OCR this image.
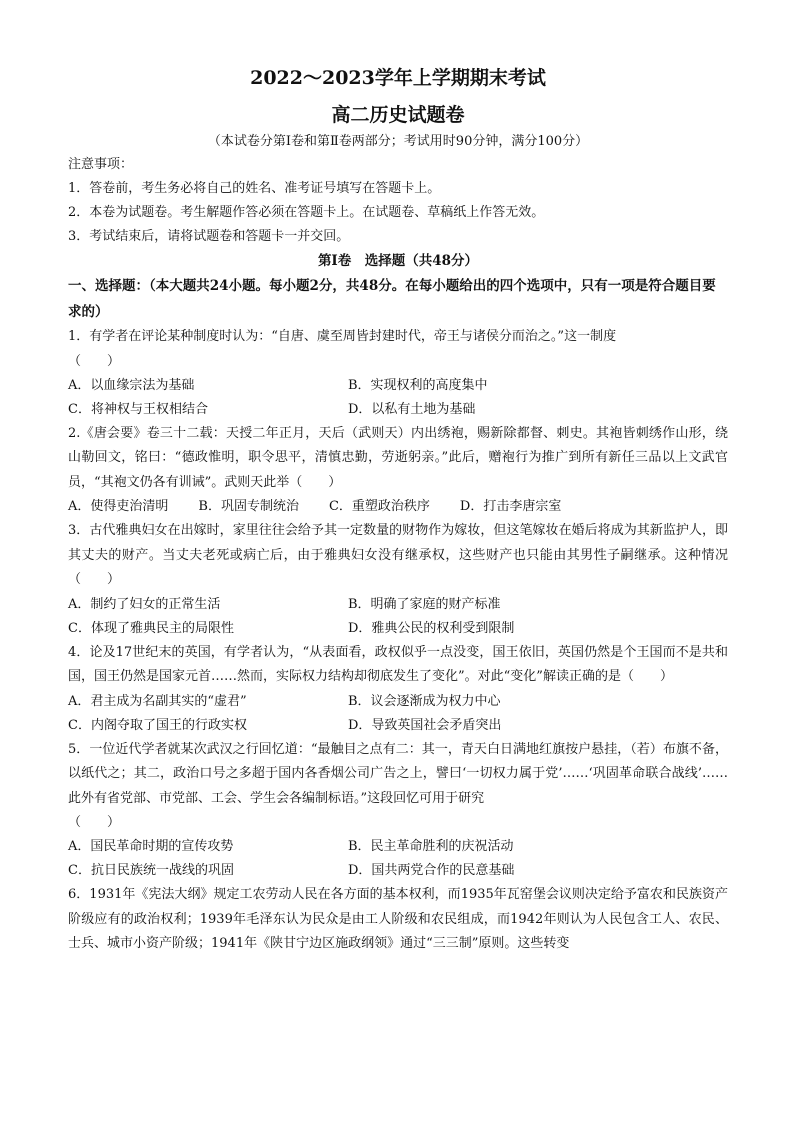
2022～2023学年上学期期末考试
高二历史试题卷
（本试卷分第Ⅰ卷和第Ⅱ卷两部分；考试用时90分钟，满分100分）
注意事项：
1．答卷前，考生务必将自己的姓名、准考证号填写在答题卡上。
2．本卷为试题卷。考生解题作答必须在答题卡上。在试题卷、草稿纸上作答无效。
3．考试结束后，请将试题卷和答题卡一并交回。
第Ⅰ卷　选择题（共48分）
一、选择题：（本大题共24小题。每小题2分，共48分。在每小题给出的四个选项中，只有一项是符合题目要求的）
1．有学者在评论某种制度时认为：“自唐、虞至周皆封建时代，帝王与诸侯分而治之。”这一制度
（　　）
A．以血缘宗法为基础	B．实现权利的高度集中
C．将神权与王权相结合	D．以私有土地为基础
2.《唐会要》卷三十二载：天授二年正月，天后（武则天）内出绣袍，赐新除都督、刺史。其袍皆刺绣作山形，绕山勒回文，铭曰：“德政惟明，职令思平，清慎忠勤，劳逝躬亲。”此后，赠袍行为推广到所有新任三品以上文武官员，“其袍文仍各有训诫”。武则天此举（　　）
A．使得吏治清明 B．巩固专制统治 C．重塑政治秩序 D．打击李唐宗室
3．古代雅典妇女在出嫁时，家里往往会给予其一定数量的财物作为嫁妆，但这笔嫁妆在婚后将成为其新监护人，即其丈夫的财产。当丈夫老死或病亡后，由于雅典妇女没有继承权，这些财产也只能由其男性子嗣继承。这种情况（　　）
A．制约了妇女的正常生活	B．明确了家庭的财产标准
C．体现了雅典民主的局限性	D．雅典公民的权利受到限制
4．论及17世纪末的英国，有学者认为，“从表面看，政权似乎一点没变，国王依旧，英国仍然是个王国而不是共和国，国王仍然是国家元首……然而，实际权力结构却彻底发生了变化”。对此“变化”解读正确的是（　　）
A．君主成为名副其实的“虚君”	B．议会逐渐成为权力中心
C．内阁夺取了国王的行政实权	D．导致英国社会矛盾突出
5．一位近代学者就某次武汉之行回忆道：“最触目之点有二：其一，青天白日满地红旗按户悬挂，（若）布旗不备，以纸代之；其二，政治口号之多超于国内各香烟公司广告之上，譬曰‘一切权力属于党’……‘巩固革命联合战线’……此外有省党部、市党部、工会、学生会各编制标语。”这段回忆可用于研究
（　　）
A．国民革命时期的宣传攻势	B．民主革命胜利的庆祝活动
C．抗日民族统一战线的巩固	D．国共两党合作的民意基础
6．1931年《宪法大纲》规定工农劳动人民在各方面的基本权利，而1935年瓦窑堡会议则决定给予富农和民族资产阶级应有的政治权利；1939年毛泽东认为民众是由工人阶级和农民组成，而1942年则认为人民包含工人、农民、士兵、城市小资产阶级；1941年《陕甘宁边区施政纲领》通过“三三制”原则。这些转变
